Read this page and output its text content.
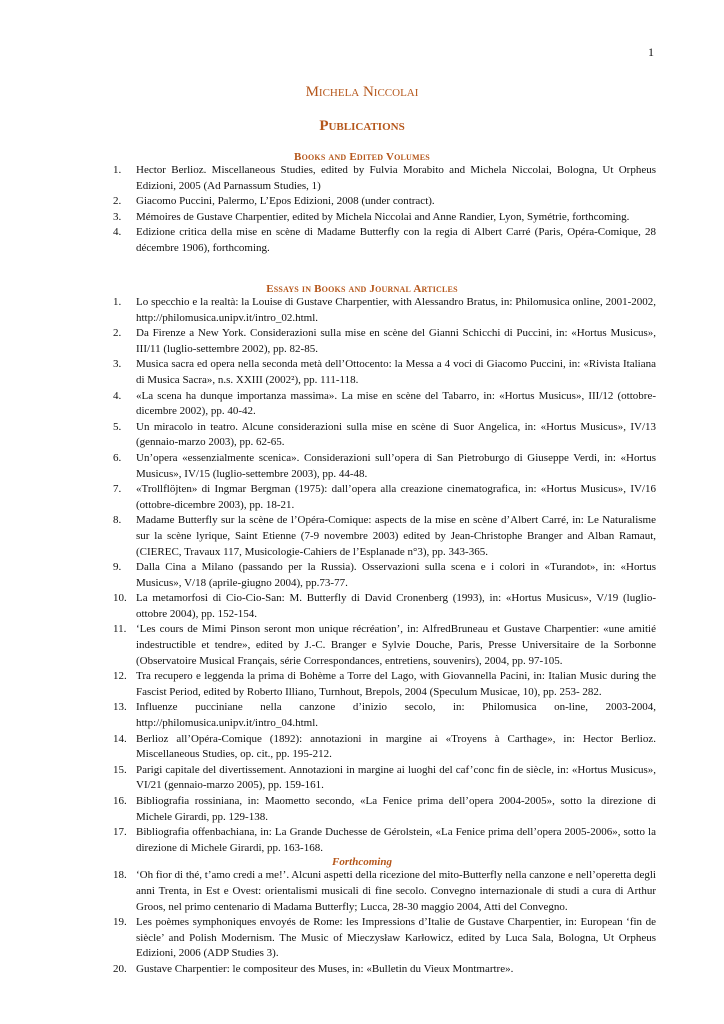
1
Michela Niccolai
Publications
Books and Edited Volumes
1. Hector Berlioz. Miscellaneous Studies, edited by Fulvia Morabito and Michela Niccolai, Bologna, Ut Orpheus Edizioni, 2005 (Ad Parnassum Studies, 1)
2. Giacomo Puccini, Palermo, L’Epos Edizioni, 2008 (under contract).
3. Mémoires de Gustave Charpentier, edited by Michela Niccolai and Anne Randier, Lyon, Symétrie, forthcoming.
4. Edizione critica della mise en scène di Madame Butterfly con la regia di Albert Carré (Paris, Opéra-Comique, 28 décembre 1906), forthcoming.
Essays in Books and Journal Articles
1. Lo specchio e la realtà: la Louise di Gustave Charpentier, with Alessandro Bratus, in: Philomusica online, 2001-2002, http://philomusica.unipv.it/intro_02.html.
2. Da Firenze a New York. Considerazioni sulla mise en scène del Gianni Schicchi di Puccini, in: «Hortus Musicus», III/11 (luglio-settembre 2002), pp. 82-85.
3. Musica sacra ed opera nella seconda metà dell’Ottocento: la Messa a 4 voci di Giacomo Puccini, in: «Rivista Italiana di Musica Sacra», n.s. XXIII (2002²), pp. 111-118.
4. «La scena ha dunque importanza massima». La mise en scène del Tabarro, in: «Hortus Musicus», III/12 (ottobre-dicembre 2002), pp. 40-42.
5. Un miracolo in teatro. Alcune considerazioni sulla mise en scène di Suor Angelica, in: «Hortus Musicus», IV/13 (gennaio-marzo 2003), pp. 62-65.
6. Un’opera «essenzialmente scenica». Considerazioni sull’opera di San Pietroburgo di Giuseppe Verdi, in: «Hortus Musicus», IV/15 (luglio-settembre 2003), pp. 44-48.
7. «Trollflöjten» di Ingmar Bergman (1975): dall’opera alla creazione cinematografica, in: «Hortus Musicus», IV/16 (ottobre-dicembre 2003), pp. 18-21.
8. Madame Butterfly sur la scène de l’Opéra-Comique: aspects de la mise en scène d’Albert Carré, in: Le Naturalisme sur la scène lyrique, Saint Etienne (7-9 novembre 2003) edited by Jean-Christophe Branger and Alban Ramaut, (CIEREC, Travaux 117, Musicologie-Cahiers de l’Esplanade n°3), pp. 343-365.
9. Dalla Cina a Milano (passando per la Russia). Osservazioni sulla scena e i colori in «Turandot», in: «Hortus Musicus», V/18 (aprile-giugno 2004), pp.73-77.
10. La metamorfosi di Cio-Cio-San: M. Butterfly di David Cronenberg (1993), in: «Hortus Musicus», V/19 (luglio-ottobre 2004), pp. 152-154.
11. ‘Les cours de Mimi Pinson seront mon unique récréation’, in: AlfredBruneau et Gustave Charpentier: «une amitié indestructible et tendre», edited by J.-C. Branger e Sylvie Douche, Paris, Presse Universitaire de la Sorbonne (Observatoire Musical Français, série Correspondances, entretiens, souvenirs), 2004, pp. 97-105.
12. Tra recupero e leggenda la prima di Bohème a Torre del Lago, with Giovannella Pacini, in: Italian Music during the Fascist Period, edited by Roberto Illiano, Turnhout, Brepols, 2004 (Speculum Musicae, 10), pp. 253- 282.
13. Influenze pucciniane nella canzone d’inizio secolo, in: Philomusica on-line, 2003-2004, http://philomusica.unipv.it/intro_04.html.
14. Berlioz all’Opéra-Comique (1892): annotazioni in margine ai «Troyens à Carthage», in: Hector Berlioz. Miscellaneous Studies, op. cit., pp. 195-212.
15. Parigi capitale del divertissement. Annotazioni in margine ai luoghi del caf’conc fin de siècle, in: «Hortus Musicus», VI/21 (gennaio-marzo 2005), pp. 159-161.
16. Bibliografia rossiniana, in: Maometto secondo, «La Fenice prima dell’opera 2004-2005», sotto la direzione di Michele Girardi, pp. 129-138.
17. Bibliografia offenbachiana, in: La Grande Duchesse de Gérolstein, «La Fenice prima dell’opera 2005-2006», sotto la direzione di Michele Girardi, pp. 163-168.
Forthcoming
18. ‘Oh fior di thé, t’amo credi a me!’. Alcuni aspetti della ricezione del mito-Butterfly nella canzone e nell’operetta degli anni Trenta, in Est e Ovest: orientalismi musicali di fine secolo. Convegno internazionale di studi a cura di Arthur Groos, nel primo centenario di Madama Butterfly; Lucca, 28-30 maggio 2004, Atti del Convegno.
19. Les poèmes symphoniques envoyés de Rome: les Impressions d’Italie de Gustave Charpentier, in: European ‘fin de siècle’ and Polish Modernism. The Music of Mieczysław Karłowicz, edited by Luca Sala, Bologna, Ut Orpheus Edizioni, 2006 (ADP Studies 3).
20. Gustave Charpentier: le compositeur des Muses, in: «Bulletin du Vieux Montmartre».
